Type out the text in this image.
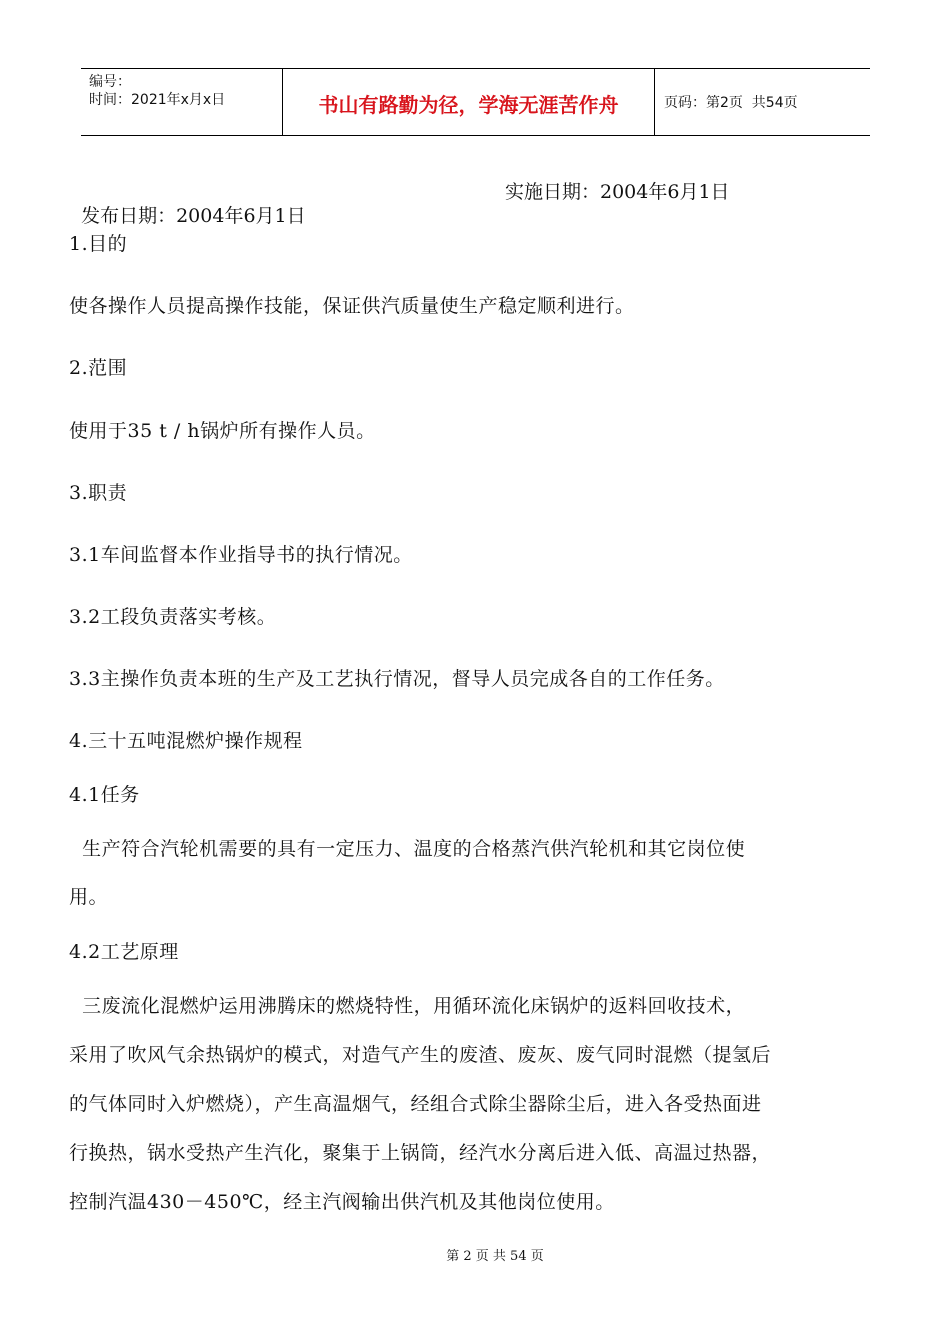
编号：
时间：2021年x月x日	书山有路勤为径，学海无涯苦作舟	页码：第2页  共54页

发布日期：2004年6月1日

实施日期：2004年6月1日

1.目的
使各操作人员提高操作技能，保证供汽质量使生产稳定顺利进行。
2.范围
使用于35 t / h锅炉所有操作人员。
3.职责
3.1车间监督本作业指导书的执行情况。
3.2工段负责落实考核。
3.3主操作负责本班的生产及工艺执行情况，督导人员完成各自的工作任务。
4.三十五吨混燃炉操作规程
4.1任务
生产符合汽轮机需要的具有一定压力、温度的合格蒸汽供汽轮机和其它岗位使
用。
4.2工艺原理
三废流化混燃炉运用沸腾床的燃烧特性，用循环流化床锅炉的返料回收技术，
采用了吹风气余热锅炉的模式，对造气产生的废渣、废灰、废气同时混燃（提氢后
的气体同时入炉燃烧），产生高温烟气，经组合式除尘器除尘后，进入各受热面进
行换热，锅水受热产生汽化，聚集于上锅筒，经汽水分离后进入低、高温过热器，
控制汽温430－450℃，经主汽阀输出供汽机及其他岗位使用。
第 2 页 共 54 页
